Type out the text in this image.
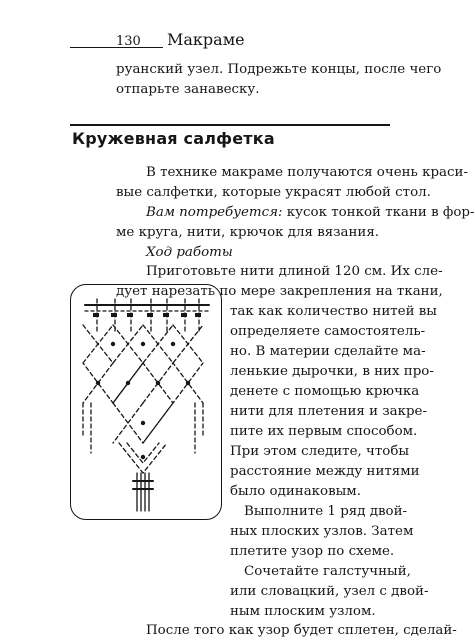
130 Макраме
руанский узел. Подрежьте концы, после чего
отпарьте занавеску.
Кружевная салфетка
В технике макраме получаются очень краси-
вые салфетки, которые украсят любой стол.
Вам потребуется: кусок тонкой ткани в фор-
ме круга, нити, крючок для вязания.
Ход работы
Приготовьте нити длиной 120 см. Их сле-
дует нарезать по мере закрепления на ткани,
так как количество нитей вы
определяете самостоятель-
но. В материи сделайте ма-
ленькие дырочки, в них про-
денете с помощью крючка
нити для плетения и закре-
пите их первым способом.
При этом следите, чтобы
расстояние между нитями
было одинаковым.
Выполните 1 ряд двой-
ных плоских узлов. Затем
плетите узор по схеме.
Сочетайте галстучный,
или словацкий, узел с двой-
ным плоским узлом.
После того как узор будет сплетен, сделай-
